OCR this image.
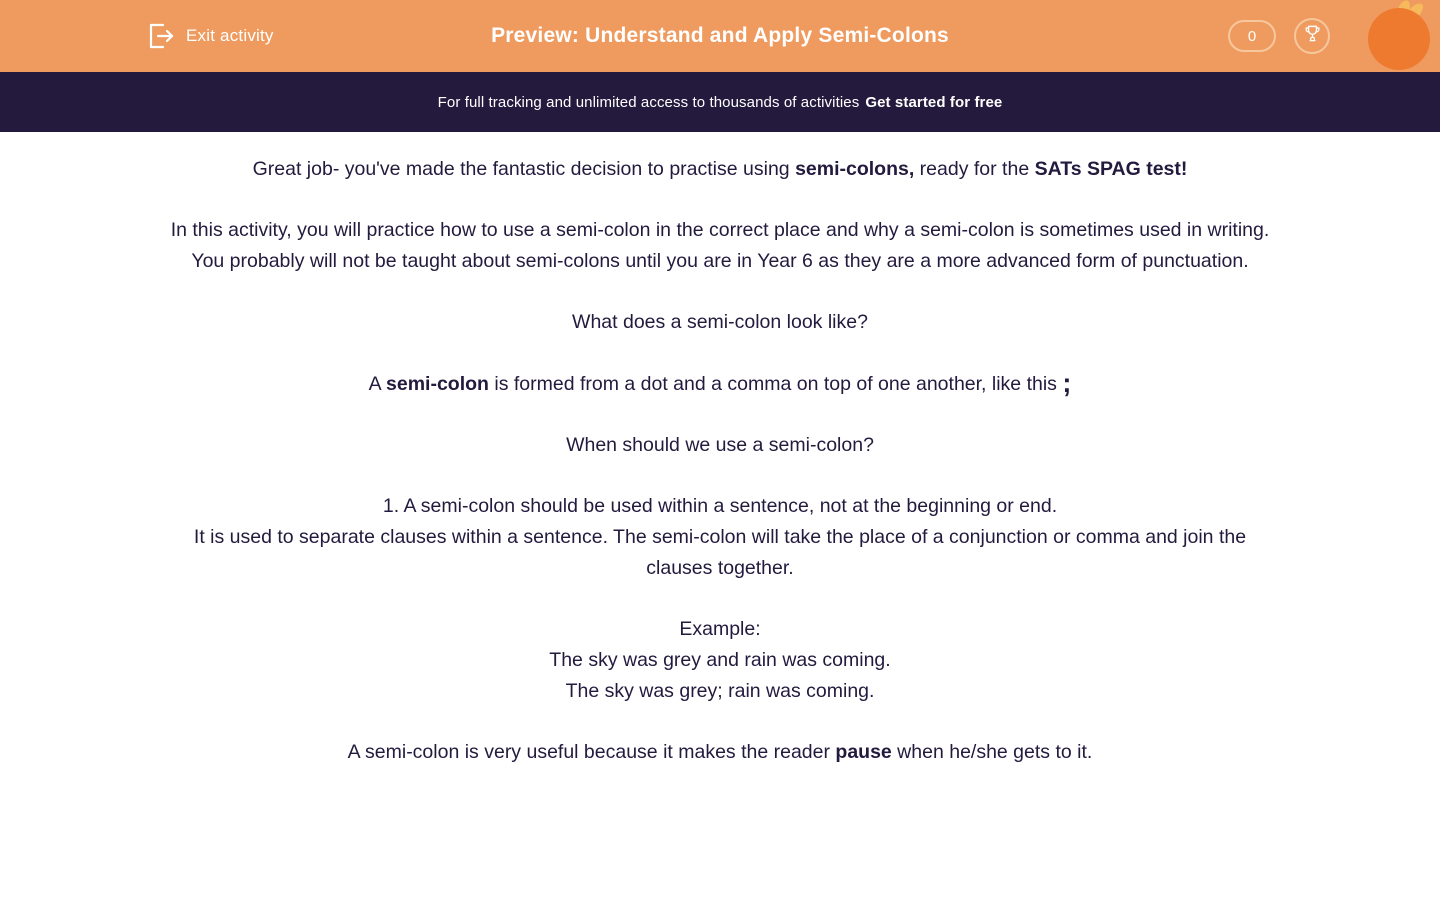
Exit activity	Preview: Understand and Apply Semi-Colons	0
For full tracking and unlimited access to thousands of activities Get started for free

Great job- you've made the fantastic decision to practise using semi-colons, ready for the SATs SPAG test!

In this activity, you will practice how to use a semi-colon in the correct place and why a semi-colon is sometimes used in writing.

You probably will not be taught about semi-colons until you are in Year 6 as they are a more advanced form of punctuation.

What does a semi-colon look like?

A semi-colon is formed from a dot and a comma on top of one another, like this ;

When should we use a semi-colon?

1. A semi-colon should be used within a sentence, not at the beginning or end.

It is used to separate clauses within a sentence. The semi-colon will take the place of a conjunction or comma and join the clauses together.

Example:

The sky was grey and rain was coming.

The sky was grey; rain was coming.

A semi-colon is very useful because it makes the reader pause when he/she gets to it.
